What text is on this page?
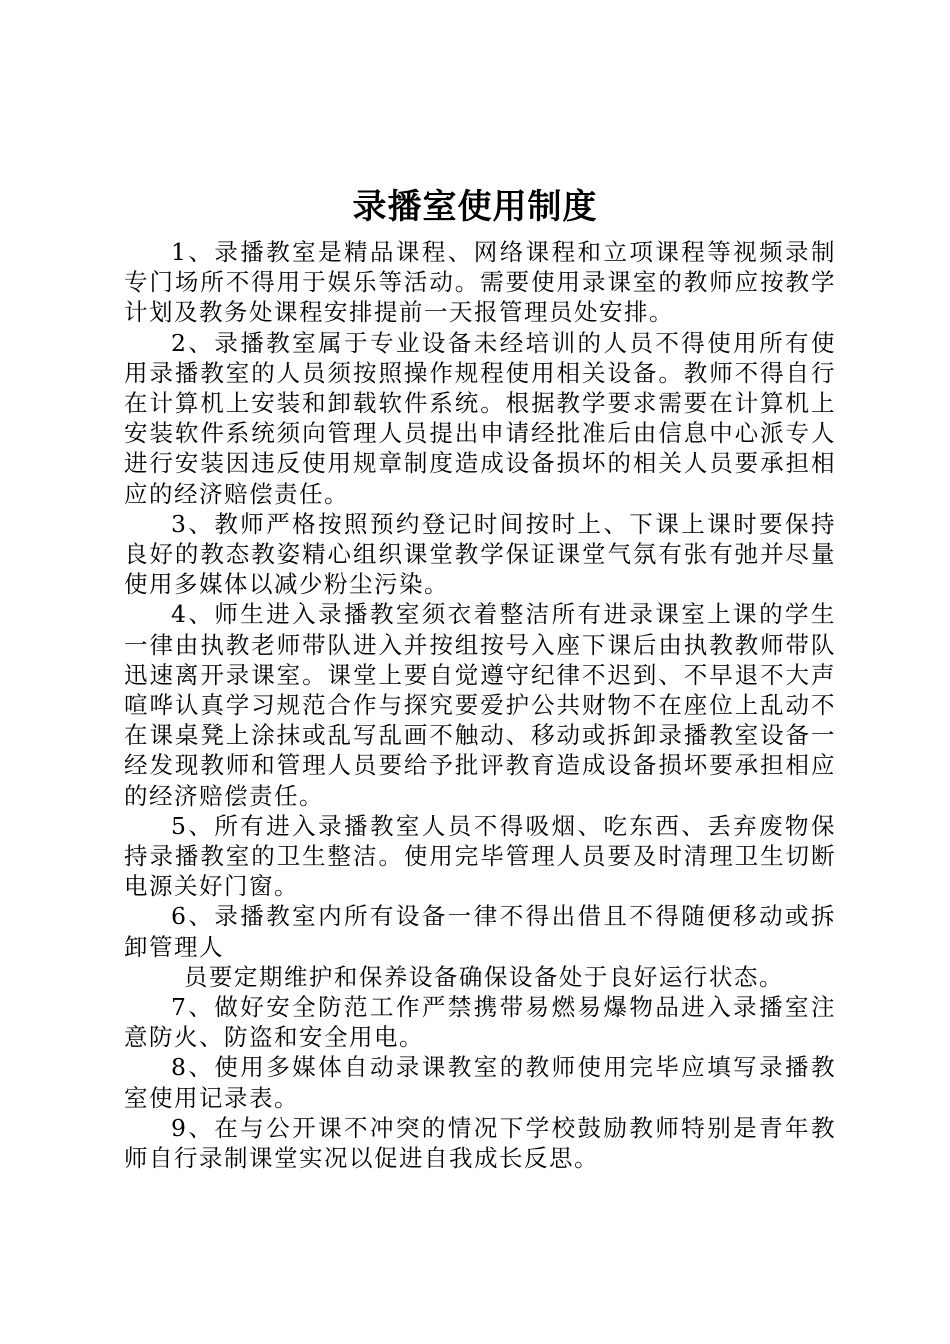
录播室使用制度

1、录播教室是精品课程、网络课程和立项课程等视频录制专门场所不得用于娱乐等活动。需要使用录课室的教师应按教学计划及教务处课程安排提前一天报管理员处安排。

2、录播教室属于专业设备未经培训的人员不得使用所有使用录播教室的人员须按照操作规程使用相关设备。教师不得自行在计算机上安装和卸载软件系统。根据教学要求需要在计算机上安装软件系统须向管理人员提出申请经批准后由信息中心派专人进行安装因违反使用规章制度造成设备损坏的相关人员要承担相应的经济赔偿责任。

3、教师严格按照预约登记时间按时上、下课上课时要保持良好的教态教姿精心组织课堂教学保证课堂气氛有张有弛并尽量使用多媒体以减少粉尘污染。

4、师生进入录播教室须衣着整洁所有进录课室上课的学生一律由执教老师带队进入并按组按号入座下课后由执教教师带队迅速离开录课室。课堂上要自觉遵守纪律不迟到、不早退不大声喧哗认真学习规范合作与探究要爱护公共财物不在座位上乱动不在课桌凳上涂抹或乱写乱画不触动、移动或拆卸录播教室设备一经发现教师和管理人员要给予批评教育造成设备损坏要承担相应的经济赔偿责任。

5、所有进入录播教室人员不得吸烟、吃东西、丢弃废物保持录播教室的卫生整洁。使用完毕管理人员要及时清理卫生切断电源关好门窗。

6、录播教室内所有设备一律不得出借且不得随便移动或拆卸管理人

员要定期维护和保养设备确保设备处于良好运行状态。

7、做好安全防范工作严禁携带易燃易爆物品进入录播室注意防火、防盗和安全用电。

8、使用多媒体自动录课教室的教师使用完毕应填写录播教室使用记录表。

9、在与公开课不冲突的情况下学校鼓励教师特别是青年教师自行录制课堂实况以促进自我成长反思。
